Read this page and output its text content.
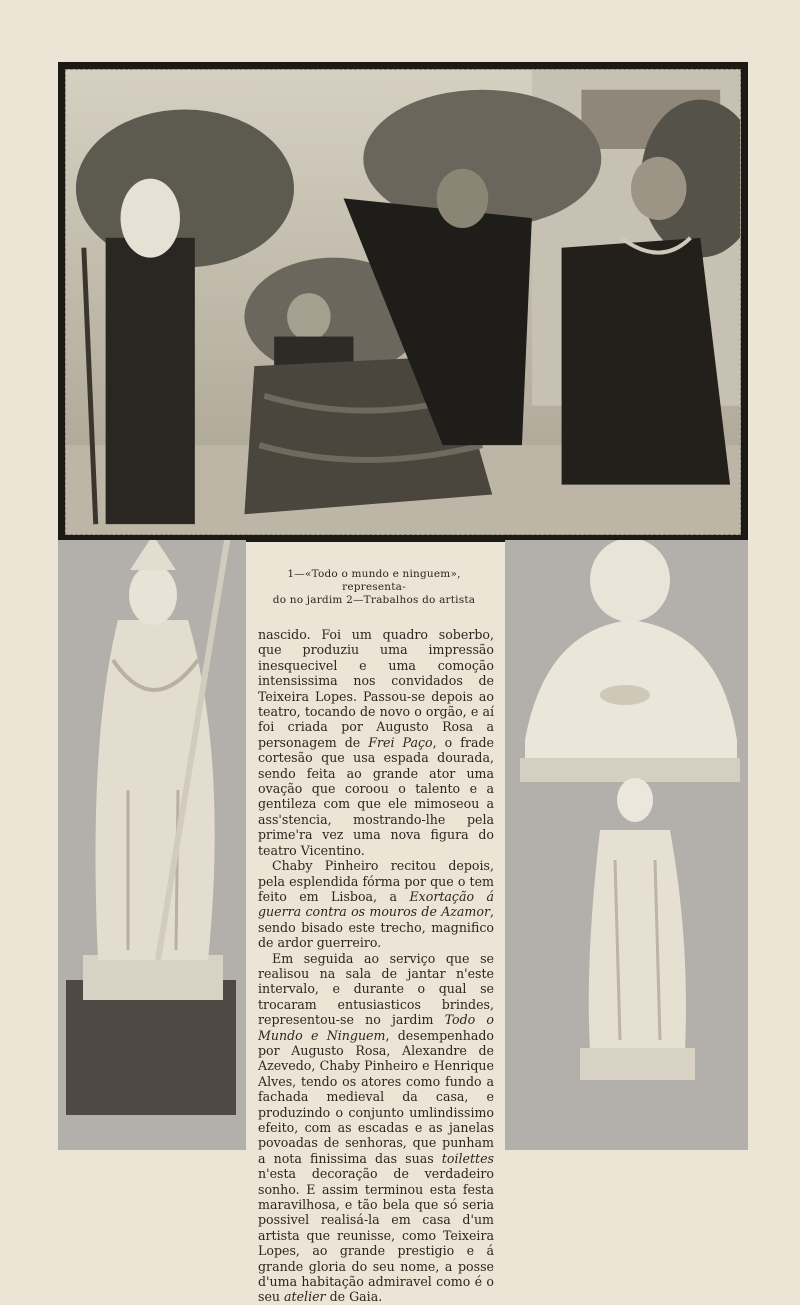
1—«Todo o mundo e ninguem», representa-
do no jardim 2—Trabalhos do artista

nascido. Foi um quadro soberbo, que produziu uma impressão inesquecivel e uma comoção intensissima nos convidados de Teixeira Lopes. Passou-se depois ao teatro, tocando de novo o orgão, e aí foi criada por Augusto Rosa a personagem de Frei Paço, o frade cortesão que usa espada dourada, sendo feita ao grande ator uma ovação que coroou o talento e a gentileza com que ele mimoseou a ass'stencia, mostrando-lhe pela prime'ra vez uma nova figura do teatro Vicentino.

Chaby Pinheiro recitou depois, pela esplendida fórma por que o tem feito em Lisboa, a Exortação á guerra contra os mouros de Azamor, sendo bisado este trecho, magnifico de ardor guerreiro.

Em seguida ao serviço que se realisou na sala de jantar n'este intervalo, e durante o qual se trocaram entusiasticos brindes, representou-se no jardim Todo o Mundo e Ninguem, desempenhado por Augusto Rosa, Alexandre de Azevedo, Chaby Pinheiro e Henrique Alves, tendo os atores como fundo a fachada medieval da casa, e produzindo o conjunto umlindissimo efeito, com as escadas e as janelas povoadas de senhoras, que punham a nota finissima das suas toilettes n'esta decoração de verdadeiro sonho. E assim terminou esta festa maravilhosa, e tão bela que só seria possivel realisá-la em casa d'um artista que reunisse, como Teixeira Lopes, ao grande prestigio e á grande gloria do seu nome, a posse d'uma habitação admiravel como é o seu atelier de Gaia.
